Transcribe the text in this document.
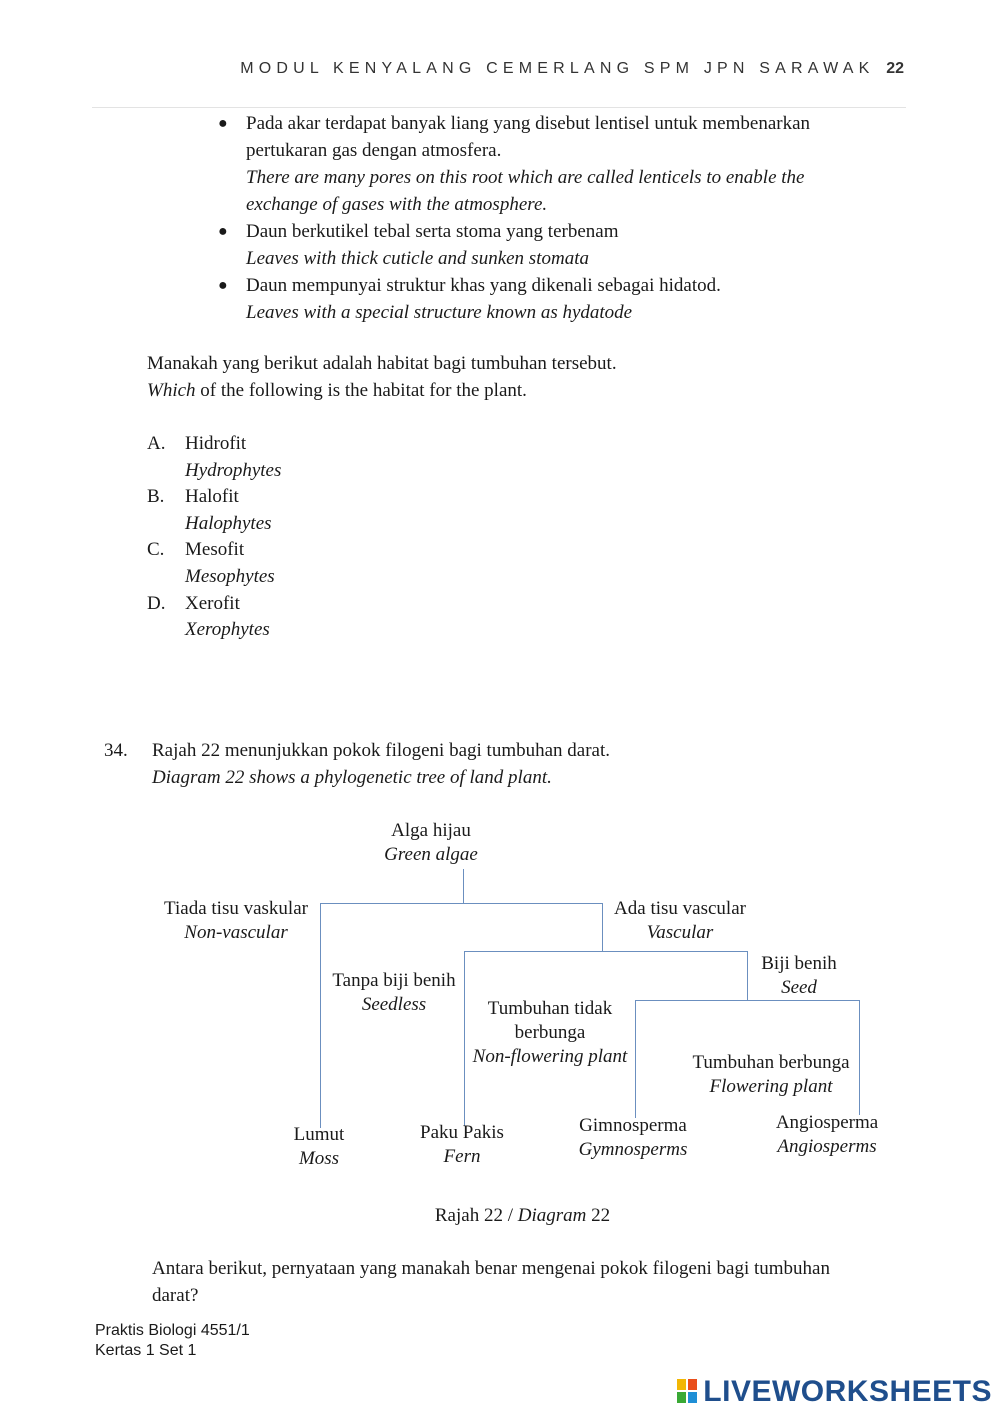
MODUL KENYALANG CEMERLANG SPM JPN SARAWAK 22
● Pada akar terdapat banyak liang yang disebut lentisel untuk membenarkan
pertukaran gas dengan atmosfera.
There are many pores on this root which are called lenticels to enable the
exchange of gases with the atmosphere.
● Daun berkutikel tebal serta stoma yang terbenam
Leaves with thick cuticle and sunken stomata
● Daun mempunyai struktur khas yang dikenali sebagai hidatod.
Leaves with a special structure known as hydatode
Manakah yang berikut adalah habitat bagi tumbuhan tersebut.
Which of the following is the habitat for the plant.
A.	Hidrofit
Hydrophytes
B.	Halofit
Halophytes
C.	Mesofit
Mesophytes
D.	Xerofit
Xerophytes
34. Rajah 22 menunjukkan pokok filogeni bagi tumbuhan darat.
Diagram 22 shows a phylogenetic tree of land plant.
Alga hijau
Green algae
Tiada tisu vaskular
Non-vascular
Ada tisu vascular
Vascular
Tanpa biji benih
Seedless
Biji benih
Seed
Tumbuhan tidak
berbunga
Non-flowering plant	Tumbuhan berbunga
Flowering plant
Lumut
Moss
Paku Pakis
Fern
Gimnosperma
Gymnosperms
Angiosperma
Angiosperms
Rajah 22 / Diagram 22
Antara berikut, pernyataan yang manakah benar mengenai pokok filogeni bagi tumbuhan
darat?
Praktis Biologi 4551/1
Kertas 1 Set 1
LIVEWORKSHEETS
